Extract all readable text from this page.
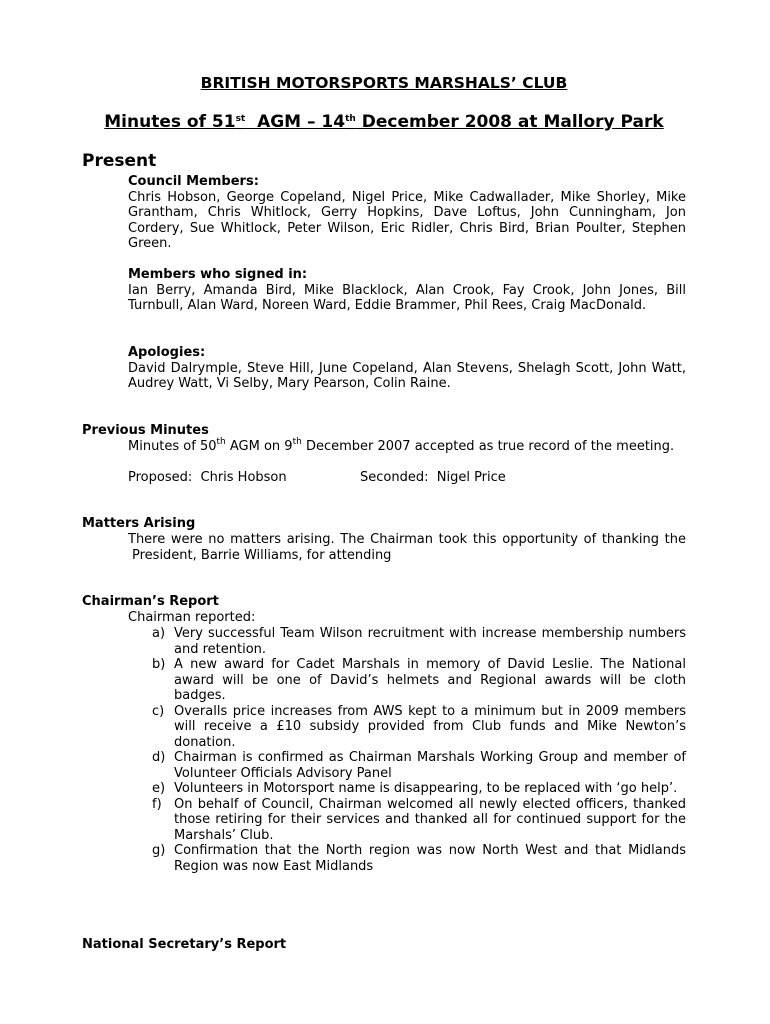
BRITISH MOTORSPORTS MARSHALS’ CLUB
Minutes of 51st  AGM – 14th December 2008 at Mallory Park
Present
Council Members:
Chris Hobson, George Copeland, Nigel Price, Mike Cadwallader, Mike Shorley, Mike Grantham, Chris Whitlock, Gerry Hopkins, Dave Loftus, John Cunningham, Jon Cordery, Sue Whitlock, Peter Wilson, Eric Ridler, Chris Bird, Brian Poulter, Stephen Green.
Members who signed in:
Ian Berry, Amanda Bird, Mike Blacklock, Alan Crook, Fay Crook, John Jones, Bill Turnbull, Alan Ward, Noreen Ward, Eddie Brammer, Phil Rees, Craig MacDonald.
Apologies:
David Dalrymple, Steve Hill, June Copeland, Alan Stevens, Shelagh Scott, John Watt, Audrey Watt, Vi Selby, Mary Pearson, Colin Raine.
Previous Minutes
Minutes of 50th AGM on 9th December 2007 accepted as true record of the meeting.
Proposed:  Chris Hobson	Seconded:  Nigel Price
Matters Arising
There were no matters arising. The Chairman took this opportunity of thanking thePresident, Barrie Williams, for attending
Chairman’s Report
Chairman reported:
a) Very successful Team Wilson recruitment with increase membership numbers and retention.
b) A new award for Cadet Marshals in memory of David Leslie. The National award will be one of David’s helmets and Regional awards will be cloth badges.
c) Overalls price increases from AWS kept to a minimum but in 2009 members will receive a £10 subsidy provided from Club funds and Mike Newton’s donation.
d) Chairman is confirmed as Chairman Marshals Working Group and member of Volunteer Officials Advisory Panel
e) Volunteers in Motorsport name is disappearing, to be replaced with ‘go help’.
f) On behalf of Council, Chairman welcomed all newly elected officers, thanked those retiring for their services and thanked all for continued support for the Marshals’ Club.
g) Confirmation that the North region was now North West and that Midlands Region was now East Midlands
National Secretary’s Report
